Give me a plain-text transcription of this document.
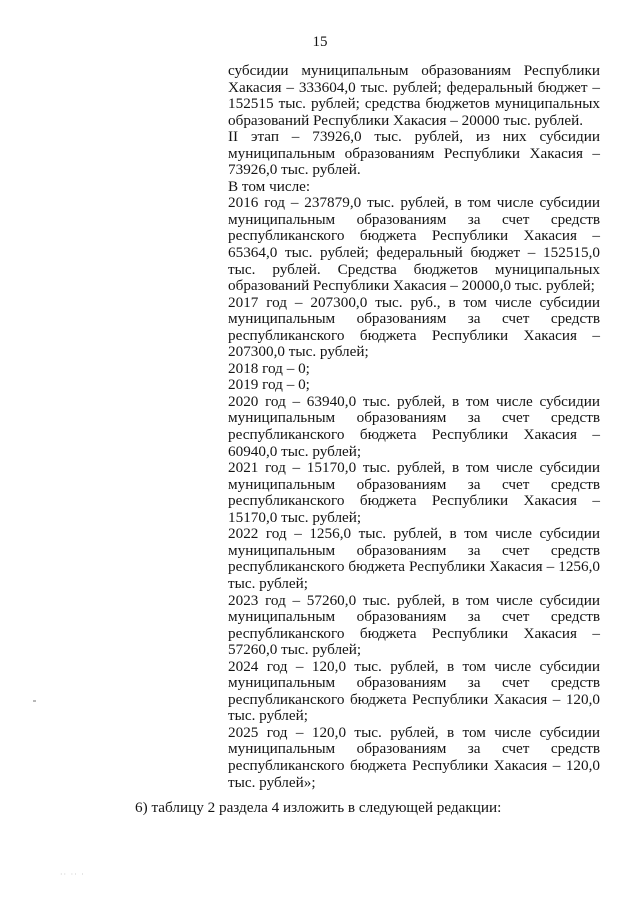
15

субсидии муниципальным образованиям Республики Хакасия – 333604,0 тыс. рублей; федеральный бюджет – 152515 тыс. рублей; средства бюджетов муниципальных образований Республики Хакасия – 20000 тыс. рублей.

II этап – 73926,0 тыс. рублей, из них субсидии муниципальным образованиям Республики Хакасия – 73926,0 тыс. рублей.

В том числе:

2016 год – 237879,0 тыс. рублей, в том числе субсидии муниципальным образованиям за счет средств республиканского бюджета Республики Хакасия – 65364,0 тыс. рублей; федеральный бюджет – 152515,0 тыс. рублей. Средства бюджетов муниципальных образований Республики Хакасия – 20000,0 тыс. рублей;

2017 год – 207300,0 тыс. руб., в том числе субсидии муниципальным образованиям за счет средств республиканского бюджета Республики Хакасия – 207300,0 тыс. рублей;

2018 год – 0;

2019 год – 0;

2020 год – 63940,0 тыс. рублей, в том числе субсидии муниципальным образованиям за счет средств республиканского бюджета Республики Хакасия – 60940,0 тыс. рублей;

2021 год – 15170,0 тыс. рублей, в том числе субсидии муниципальным образованиям за счет средств республиканского бюджета Республики Хакасия – 15170,0 тыс. рублей;

2022 год – 1256,0 тыс. рублей, в том числе субсидии муниципальным образованиям за счет средств республиканского бюджета Республики Хакасия – 1256,0 тыс. рублей;

2023 год – 57260,0 тыс. рублей, в том числе субсидии муниципальным образованиям за счет средств республиканского бюджета Республики Хакасия – 57260,0 тыс. рублей;

2024 год – 120,0 тыс. рублей, в том числе субсидии муниципальным образованиям за счет средств республиканского бюджета Республики Хакасия – 120,0 тыс. рублей;

2025 год – 120,0 тыс. рублей, в том числе субсидии муниципальным образованиям за счет средств республиканского бюджета Республики Хакасия – 120,0 тыс. рублей»;

6) таблицу 2 раздела 4 изложить в следующей редакции:

·· ·· ·
